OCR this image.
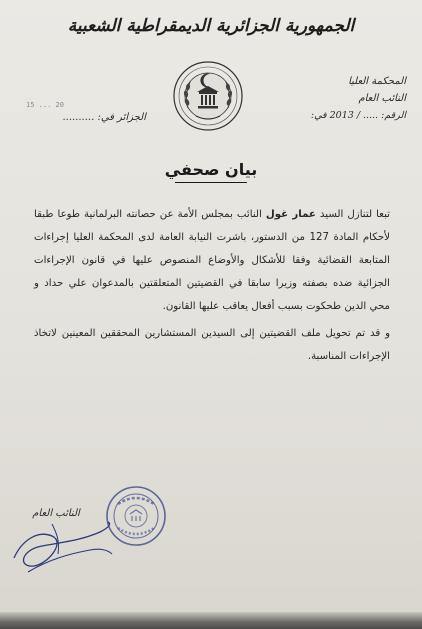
الجمهورية الجزائرية الديمقراطية الشعبية
المحكمة العليا
النائب العام
الرقم: ..... / 2013 في:
20 ... 15
الجزائر في: ..........
بيان صحفي

تبعا لتنازل السيد عمار غول النائب بمجلس الأمة عن حصانته البرلمانية طوعا طبقا لأحكام المادة 127 من الدستور، باشرت النيابة العامة لدى المحكمة العليا إجراءات المتابعة القضائية وفقا للأشكال والأوضاع المنصوص عليها في قانون الإجراءات الجزائية ضده بصفته وزيرا سابقا في القضيتين المتعلقتين بالمدعوان علي حداد و محي الدين طحكوت بسبب أفعال يعاقب عليها القانون.

و قد تم تحويل ملف القضيتين إلى السيدين المستشارين المحققين المعينين لاتخاذ الإجراءات المناسبة.

النائب العام
